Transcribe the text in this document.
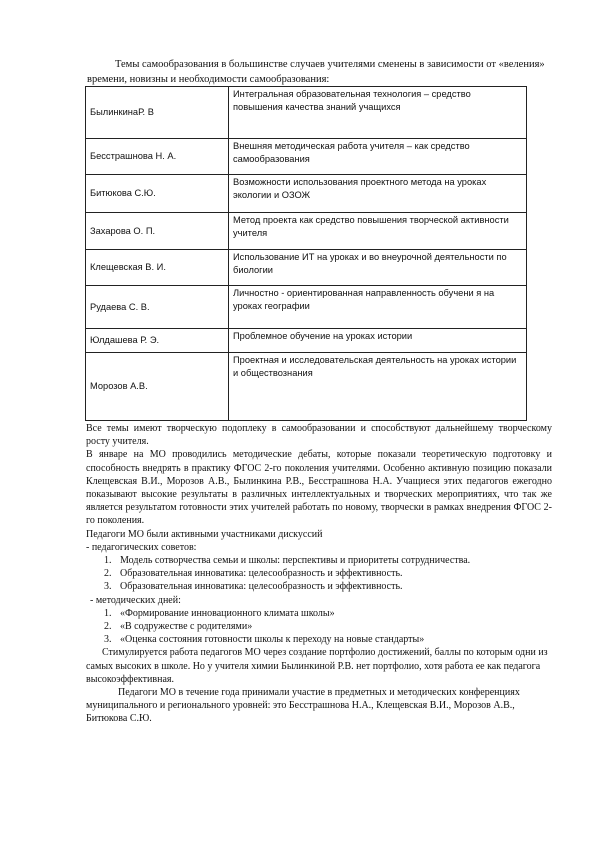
Темы самообразования в большинстве случаев учителями сменены в зависимости от «веления» времени, новизны и необходимости самообразования:

БылинкинаР. В	Интегральная образовательная технология – средство повышения качества знаний учащихся
Бесстрашнова Н. А.	Внешняя методическая работа учителя – как средство самообразования
Битюкова С.Ю.	Возможности использования проектного метода на уроках экологии и ОЗОЖ
Захарова О. П.	Метод проекта как средство повышения творческой активности учителя
Клещевская В. И.	Использование ИТ на уроках и во внеурочной деятельности по биологии
Рудаева С. В.	Личностно - ориентированная направленность обучени я на уроках географии
Юлдашева Р. Э.	Проблемное обучение на уроках истории
Морозов А.В.	Проектная и исследовательская деятельность на уроках истории и обществознания

Все темы имеют творческую подоплеку в самообразовании и способствуют дальнейшему творческому росту учителя.

В январе на МО проводились методические дебаты, которые показали теоретическую подготовку и способность внедрять в практику ФГОС 2-го поколения учителями. Особенно активную позицию показали Клещевская В.И., Морозов А.В., Былинкина Р.В., Бесстрашнова Н.А. Учащиеся этих педагогов ежегодно показывают высокие результаты в различных интеллектуальных и творческих мероприятиях, что так же является результатом готовности этих учителей работать по новому, творчески в рамках внедрения ФГОС 2-го поколения.

Педагоги МО были активными участниками дискуссий

- педагогических советов:

1. Модель сотворчества семьи и школы: перспективы и приоритеты сотрудничества.
2. Образовательная инноватика: целесообразность и эффективность.
3. Образовательная инноватика: целесообразность и эффективность.

- методических дней:

1. «Формирование инновационного климата школы»
2. «В содружестве с родителями»
3. «Оценка состояния готовности школы к переходу на новые стандарты»

Стимулируется работа педагогов МО через создание портфолио достижений, баллы по которым одни из самых высоких в школе. Но у учителя химии Былинкиной Р.В. нет портфолио, хотя работа ее как педагога высокоэффективная.

Педагоги МО в течение года принимали участие в предметных и методических конференциях муниципального и регионального уровней: это Бесстрашнова Н.А., Клещевская В.И., Морозов А.В., Битюкова С.Ю.
